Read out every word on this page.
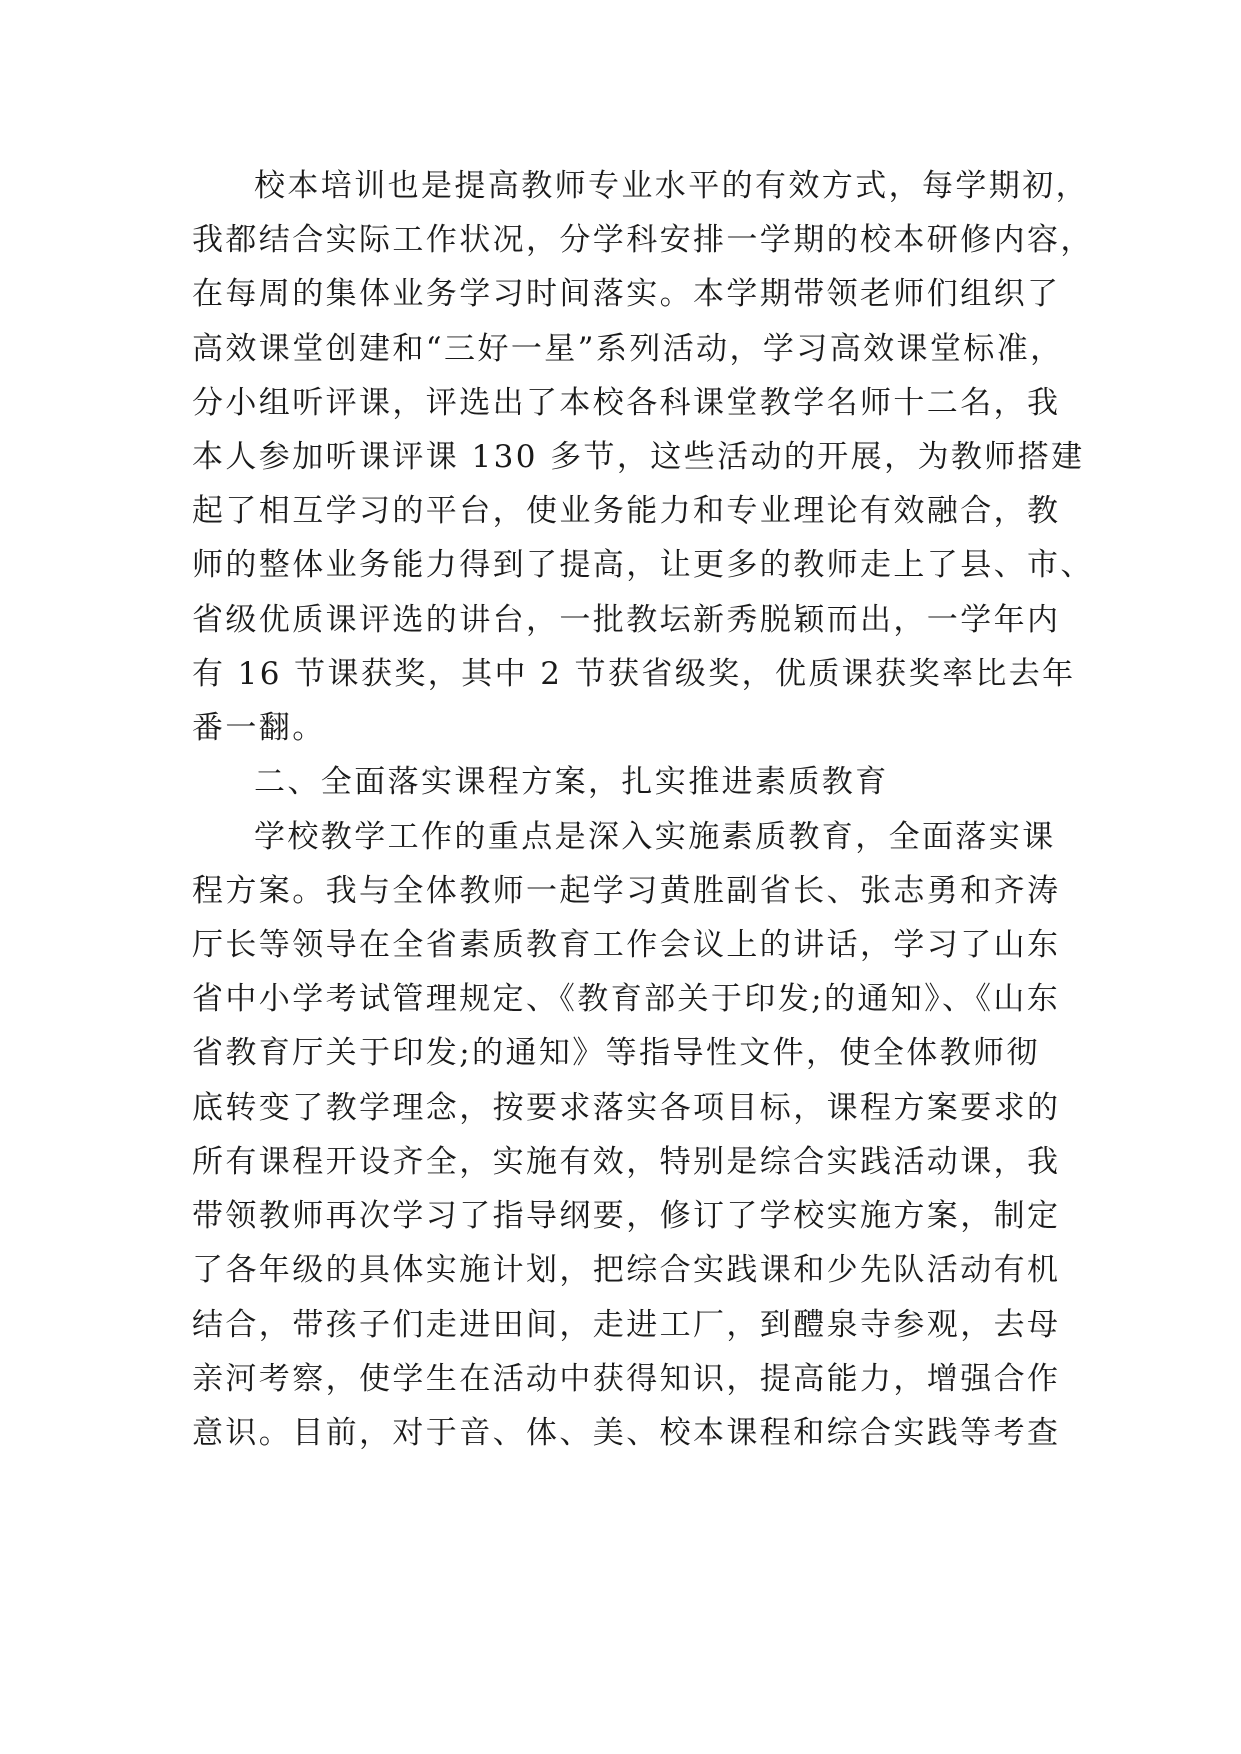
校本培训也是提高教师专业水平的有效方式，每学期初，
我都结合实际工作状况，分学科安排一学期的校本研修内容，
在每周的集体业务学习时间落实。本学期带领老师们组织了
高效课堂创建和“三好一星”系列活动，学习高效课堂标准，
分小组听评课，评选出了本校各科课堂教学名师十二名，我
本人参加听课评课 130 多节，这些活动的开展，为教师搭建
起了相互学习的平台，使业务能力和专业理论有效融合，教
师的整体业务能力得到了提高，让更多的教师走上了县、市、
省级优质课评选的讲台，一批教坛新秀脱颖而出，一学年内
有 16 节课获奖，其中 2 节获省级奖，优质课获奖率比去年
番一翻。
二、全面落实课程方案，扎实推进素质教育
学校教学工作的重点是深入实施素质教育，全面落实课
程方案。我与全体教师一起学习黄胜副省长、张志勇和齐涛
厅长等领导在全省素质教育工作会议上的讲话，学习了山东
省中小学考试管理规定、《教育部关于印发;的通知》、《山东
省教育厅关于印发;的通知》等指导性文件，使全体教师彻
底转变了教学理念，按要求落实各项目标，课程方案要求的
所有课程开设齐全，实施有效，特别是综合实践活动课，我
带领教师再次学习了指导纲要，修订了学校实施方案，制定
了各年级的具体实施计划，把综合实践课和少先队活动有机
结合，带孩子们走进田间，走进工厂，到醴泉寺参观，去母
亲河考察，使学生在活动中获得知识，提高能力，增强合作
意识。目前，对于音、体、美、校本课程和综合实践等考查
